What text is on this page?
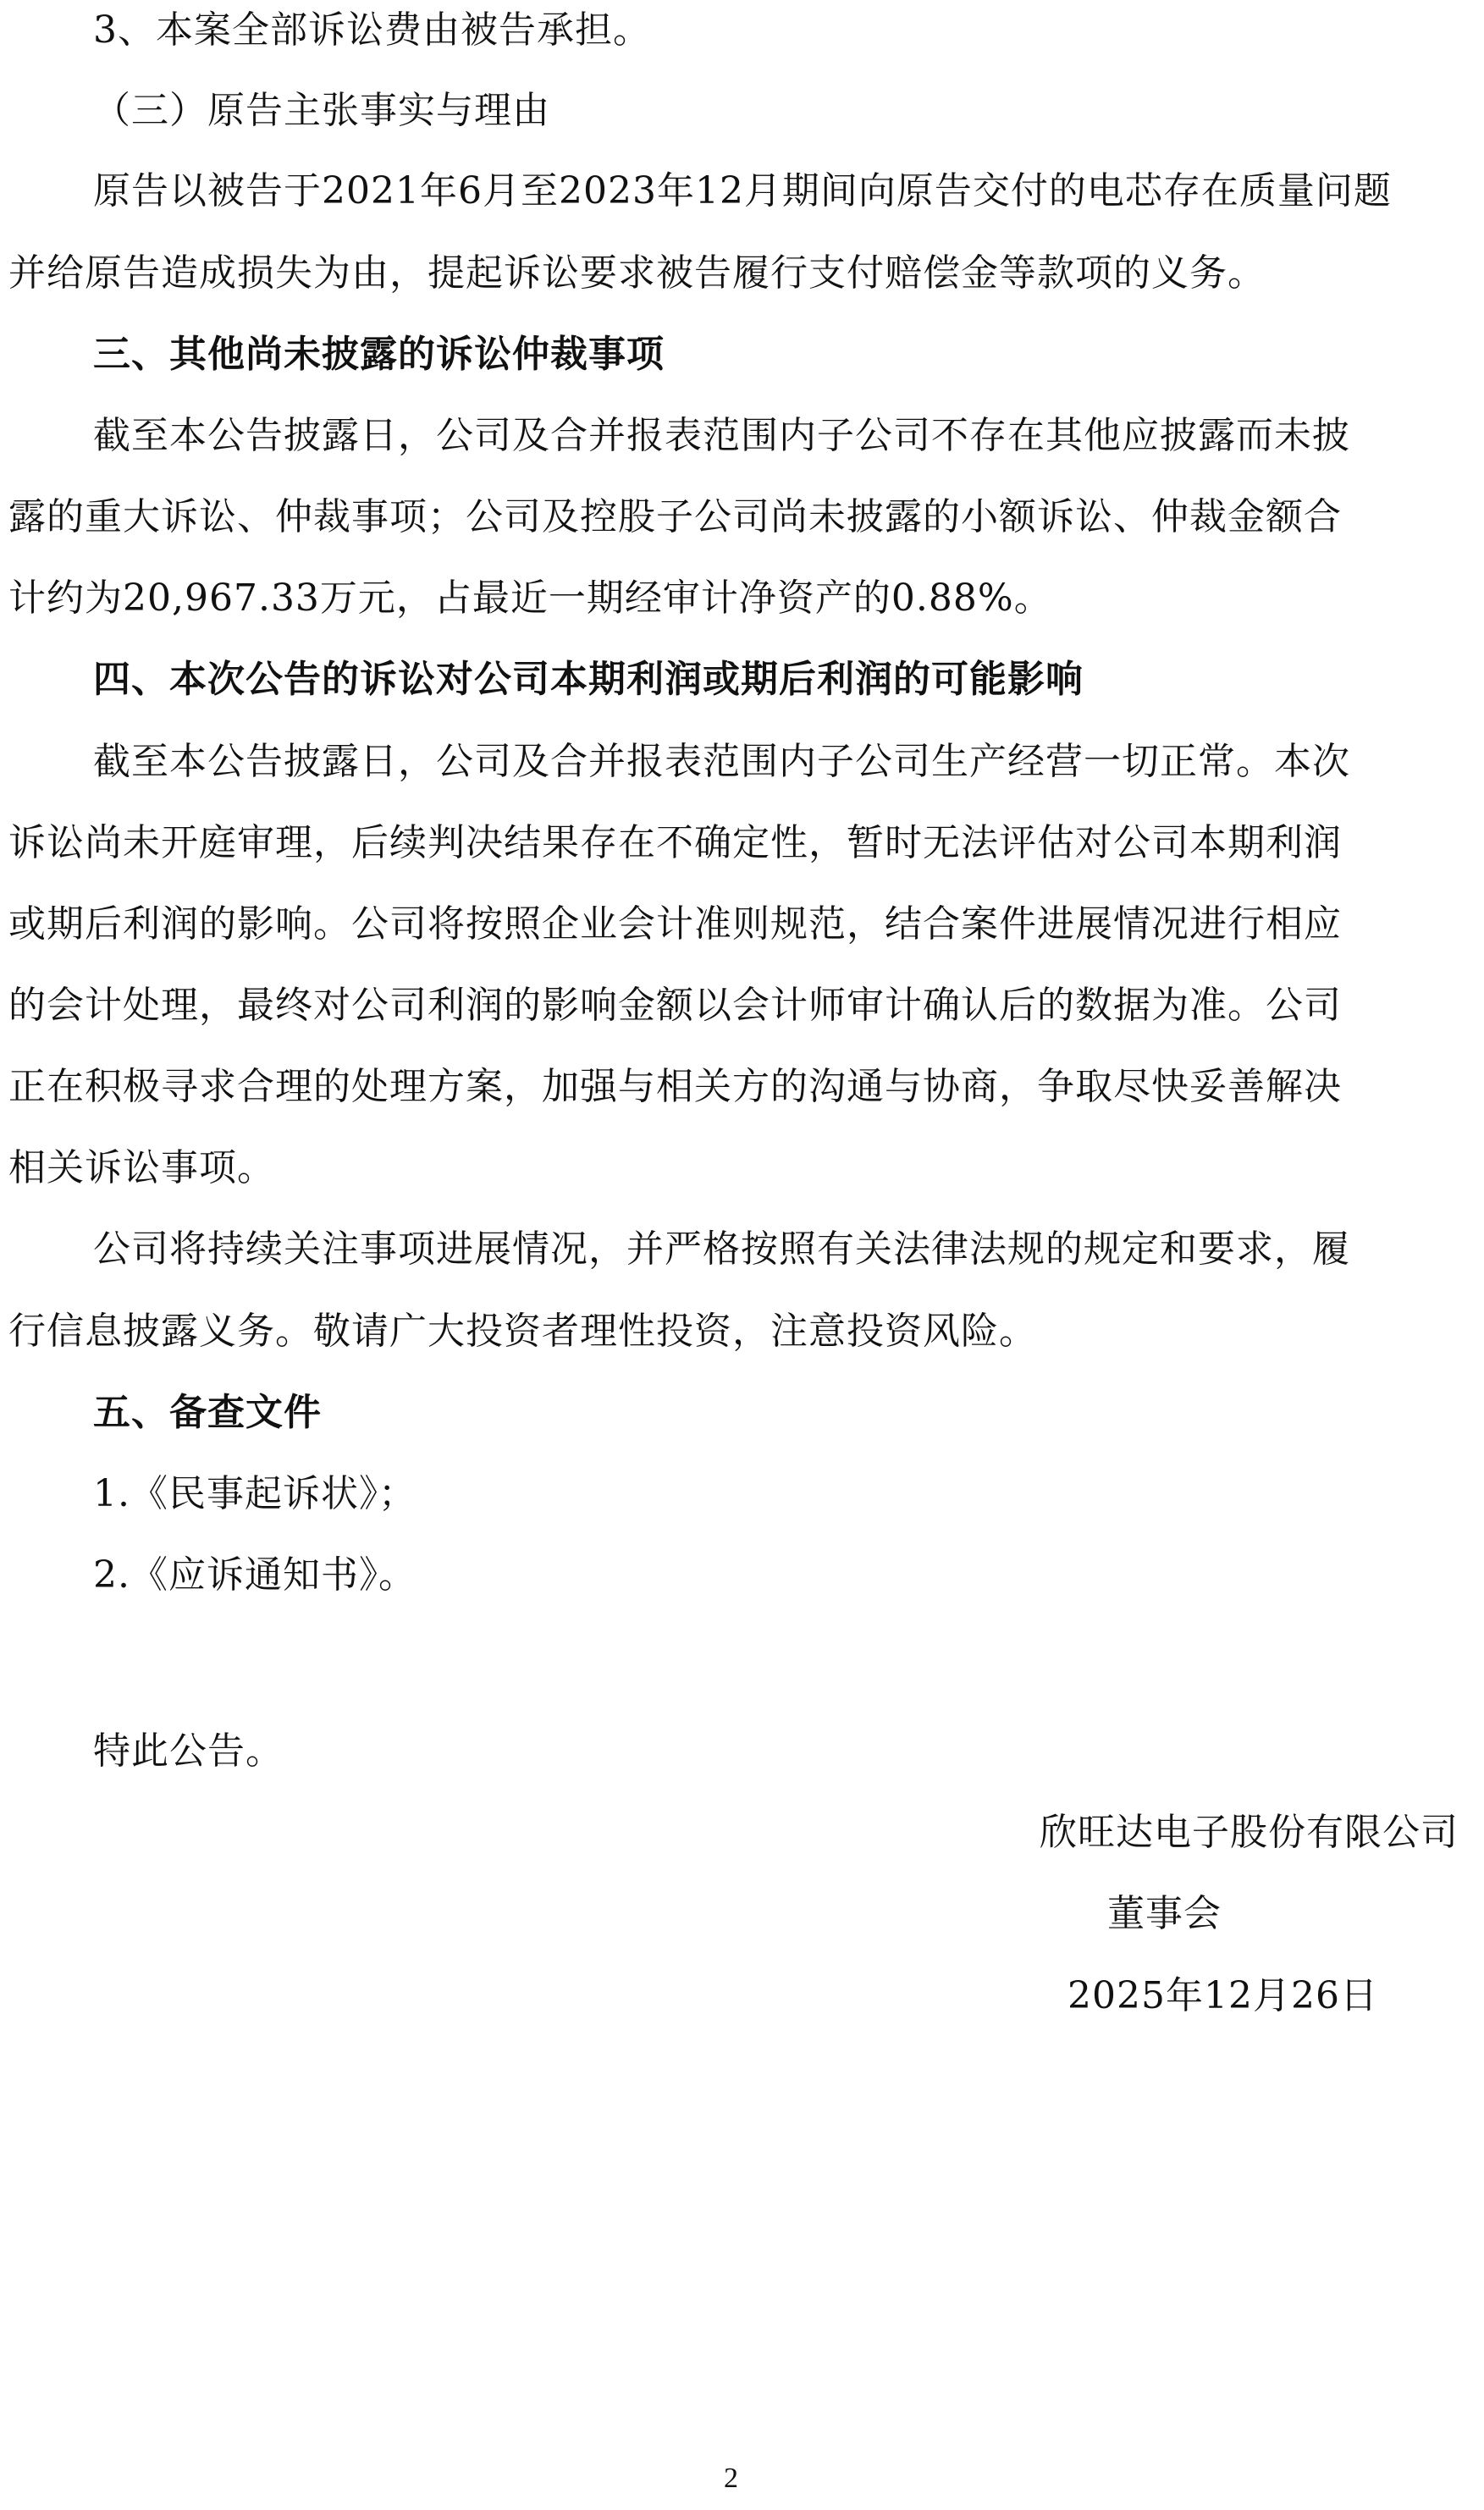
3、本案全部诉讼费由被告承担。
（三）原告主张事实与理由
原告以被告于2021年6月至2023年12月期间向原告交付的电芯存在质量问题
并给原告造成损失为由，提起诉讼要求被告履行支付赔偿金等款项的义务。
三、其他尚未披露的诉讼仲裁事项
截至本公告披露日，公司及合并报表范围内子公司不存在其他应披露而未披
露的重大诉讼、仲裁事项；公司及控股子公司尚未披露的小额诉讼、仲裁金额合
计约为20,967.33万元，占最近一期经审计净资产的0.88%。
四、本次公告的诉讼对公司本期利润或期后利润的可能影响
截至本公告披露日，公司及合并报表范围内子公司生产经营一切正常。本次
诉讼尚未开庭审理，后续判决结果存在不确定性，暂时无法评估对公司本期利润
或期后利润的影响。公司将按照企业会计准则规范，结合案件进展情况进行相应
的会计处理，最终对公司利润的影响金额以会计师审计确认后的数据为准。公司
正在积极寻求合理的处理方案，加强与相关方的沟通与协商，争取尽快妥善解决
相关诉讼事项。
公司将持续关注事项进展情况，并严格按照有关法律法规的规定和要求，履
行信息披露义务。敬请广大投资者理性投资，注意投资风险。
五、备查文件
1.《民事起诉状》；
2.《应诉通知书》。
特此公告。
欣旺达电子股份有限公司
董事会
2025年12月26日
2
